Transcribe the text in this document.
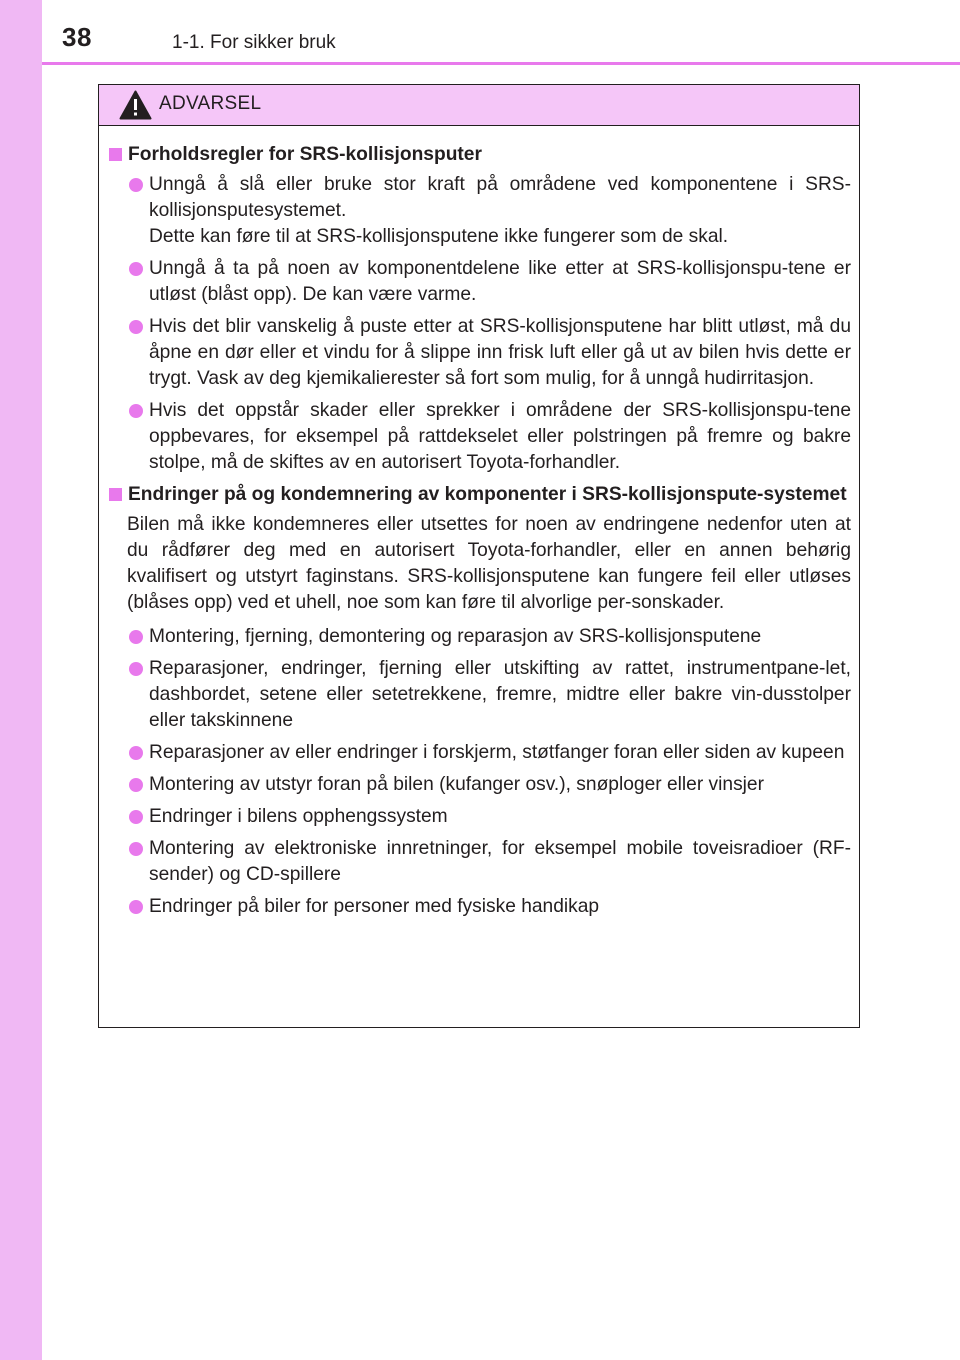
38	1-1. For sikker bruk
ADVARSEL
Forholdsregler for SRS-kollisjonsputer

Unngå å slå eller bruke stor kraft på områdene ved komponentene i SRS-kollisjonsputesystemet.

Dette kan føre til at SRS-kollisjonsputene ikke fungerer som de skal.

Unngå å ta på noen av komponentdelene like etter at SRS-kollisjonspu-tene er utløst (blåst opp). De kan være varme.

Hvis det blir vanskelig å puste etter at SRS-kollisjonsputene har blitt utløst, må du åpne en dør eller et vindu for å slippe inn frisk luft eller gå ut av bilen hvis dette er trygt. Vask av deg kjemikalierester så fort som mulig, for å unngå hudirritasjon.

Hvis det oppstår skader eller sprekker i områdene der SRS-kollisjonspu-tene oppbevares, for eksempel på rattdekselet eller polstringen på fremre og bakre stolpe, må de skiftes av en autorisert Toyota-forhandler.

Endringer på og kondemnering av komponenter i SRS-kollisjonspute-systemet

Bilen må ikke kondemneres eller utsettes for noen av endringene nedenfor uten at du rådfører deg med en autorisert Toyota-forhandler, eller en annen behørig kvalifisert og utstyrt faginstans. SRS-kollisjonsputene kan fungere feil eller utløses (blåses opp) ved et uhell, noe som kan føre til alvorlige per-sonskader.

Montering, fjerning, demontering og reparasjon av SRS-kollisjonsputene

Reparasjoner, endringer, fjerning eller utskifting av rattet, instrumentpane-let, dashbordet, setene eller setetrekkene, fremre, midtre eller bakre vin-dusstolper eller takskinnene

Reparasjoner av eller endringer i forskjerm, støtfanger foran eller siden av kupeen

Montering av utstyr foran på bilen (kufanger osv.), snøploger eller vinsjer

Endringer i bilens opphengssystem

Montering av elektroniske innretninger, for eksempel mobile toveisradioer (RF-sender) og CD-spillere

Endringer på biler for personer med fysiske handikap
